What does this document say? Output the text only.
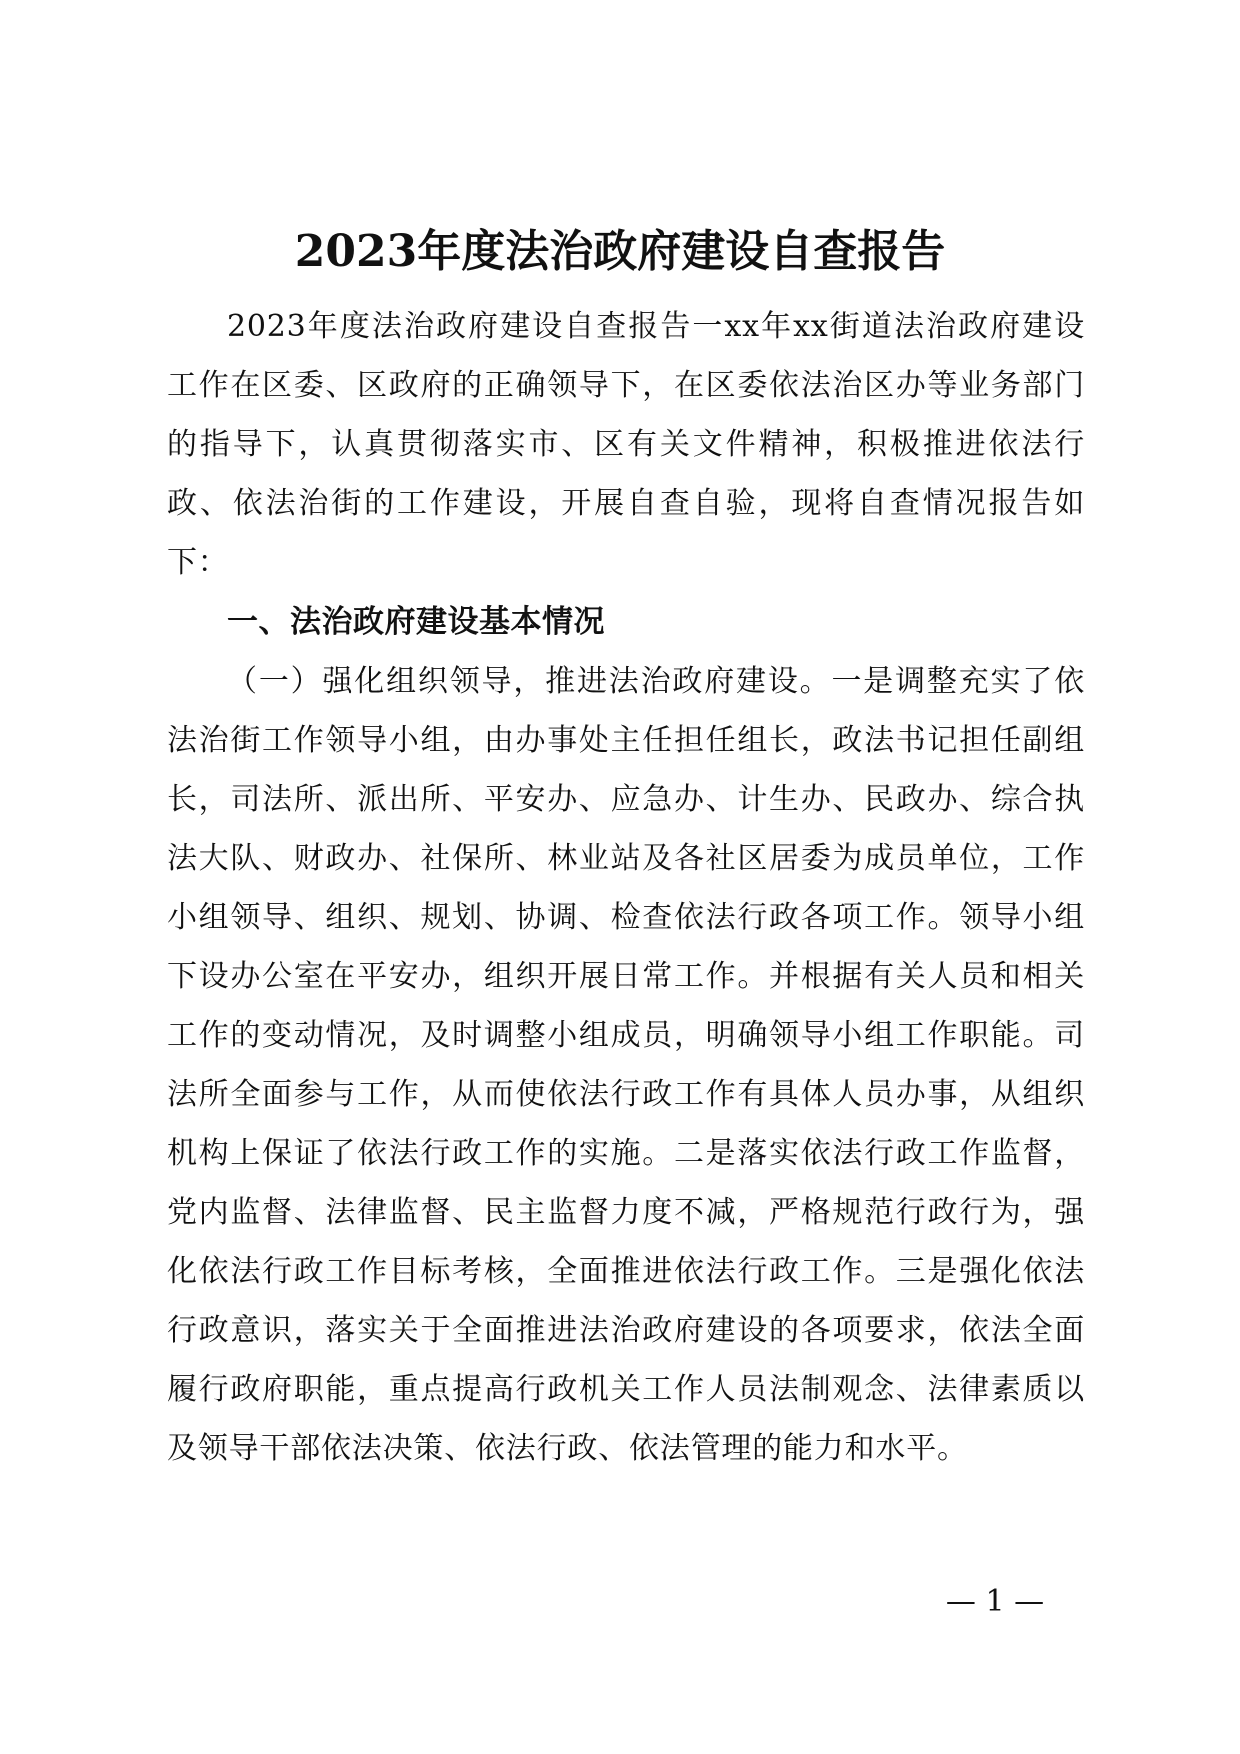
2023年度法治政府建设自查报告

2023年度法治政府建设自查报告一xx年xx街道法治政府建设工作在区委、区政府的正确领导下，在区委依法治区办等业务部门的指导下，认真贯彻落实市、区有关文件精神，积极推进依法行政、依法治街的工作建设，开展自查自验，现将自查情况报告如下：

一、法治政府建设基本情况

（一）强化组织领导，推进法治政府建设。一是调整充实了依法治街工作领导小组，由办事处主任担任组长，政法书记担任副组长，司法所、派出所、平安办、应急办、计生办、民政办、综合执法大队、财政办、社保所、林业站及各社区居委为成员单位，工作小组领导、组织、规划、协调、检查依法行政各项工作。领导小组下设办公室在平安办，组织开展日常工作。并根据有关人员和相关工作的变动情况，及时调整小组成员，明确领导小组工作职能。司法所全面参与工作，从而使依法行政工作有具体人员办事，从组织机构上保证了依法行政工作的实施。二是落实依法行政工作监督，党内监督、法律监督、民主监督力度不减，严格规范行政行为，强化依法行政工作目标考核，全面推进依法行政工作。三是强化依法行政意识，落实关于全面推进法治政府建设的各项要求，依法全面履行政府职能，重点提高行政机关工作人员法制观念、法律素质以及领导干部依法决策、依法行政、依法管理的能力和水平。

— 1 —
